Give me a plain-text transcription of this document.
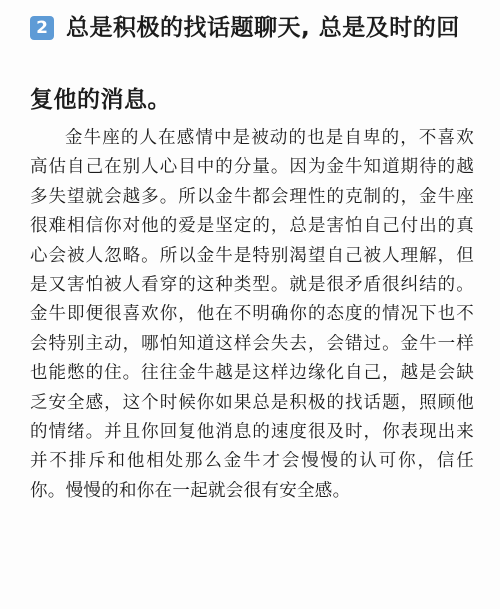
2 总是积极的找话题聊天, 总是及时的回
复他的消息。

金牛座的人在感情中是被动的也是自卑的，不喜欢高估自己在别人心目中的分量。因为金牛知道期待的越多失望就会越多。所以金牛都会理性的克制的，金牛座很难相信你对他的爱是坚定的，总是害怕自己付出的真心会被人忽略。所以金牛是特别渴望自己被人理解，但是又害怕被人看穿的这种类型。就是很矛盾很纠结的。金牛即便很喜欢你，他在不明确你的态度的情况下也不会特别主动，哪怕知道这样会失去，会错过。金牛一样也能憋的住。往往金牛越是这样边缘化自己，越是会缺乏安全感，这个时候你如果总是积极的找话题，照顾他的情绪。并且你回复他消息的速度很及时，你表现出来并不排斥和他相处那么金牛才会慢慢的认可你，信任你。慢慢的和你在一起就会很有安全感。
